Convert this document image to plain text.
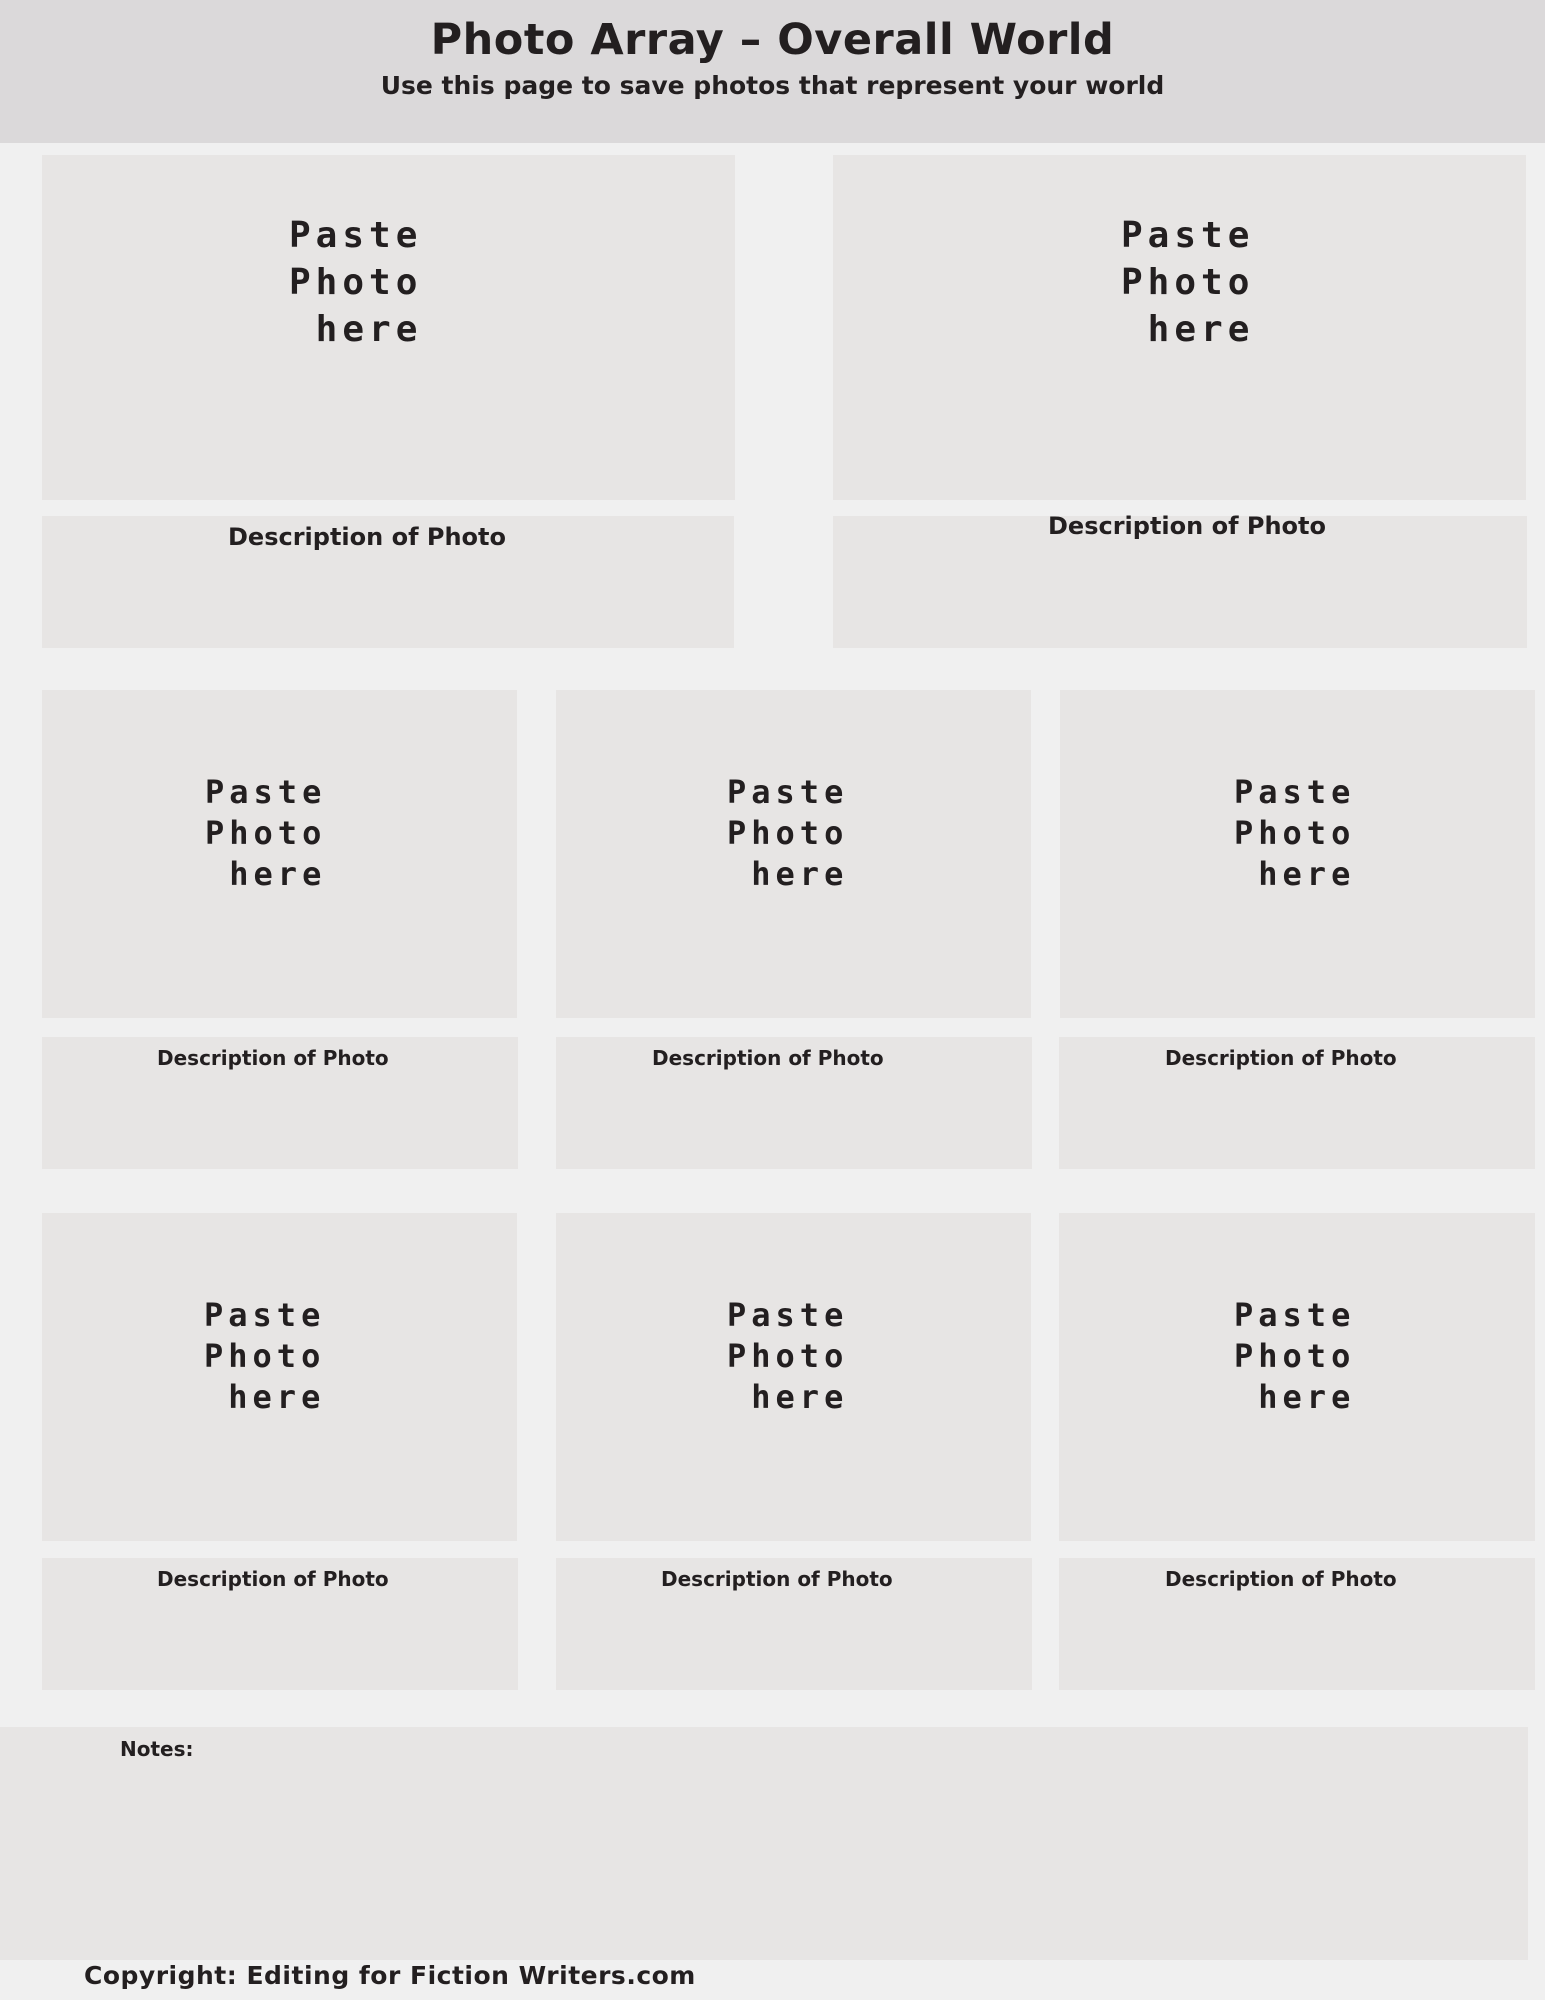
Photo Array – Overall World
Use this page to save photos that represent your world
Paste
Photo
here
Description of Photo
Paste
Photo
here
Description of Photo
Paste
Photo
here
Description of Photo
Paste
Photo
here
Description of Photo
Paste
Photo
here
Description of Photo
Paste
Photo
here
Description of Photo
Paste
Photo
here
Description of Photo
Paste
Photo
here
Description of Photo
Notes:
Copyright: Editing for Fiction Writers.com
